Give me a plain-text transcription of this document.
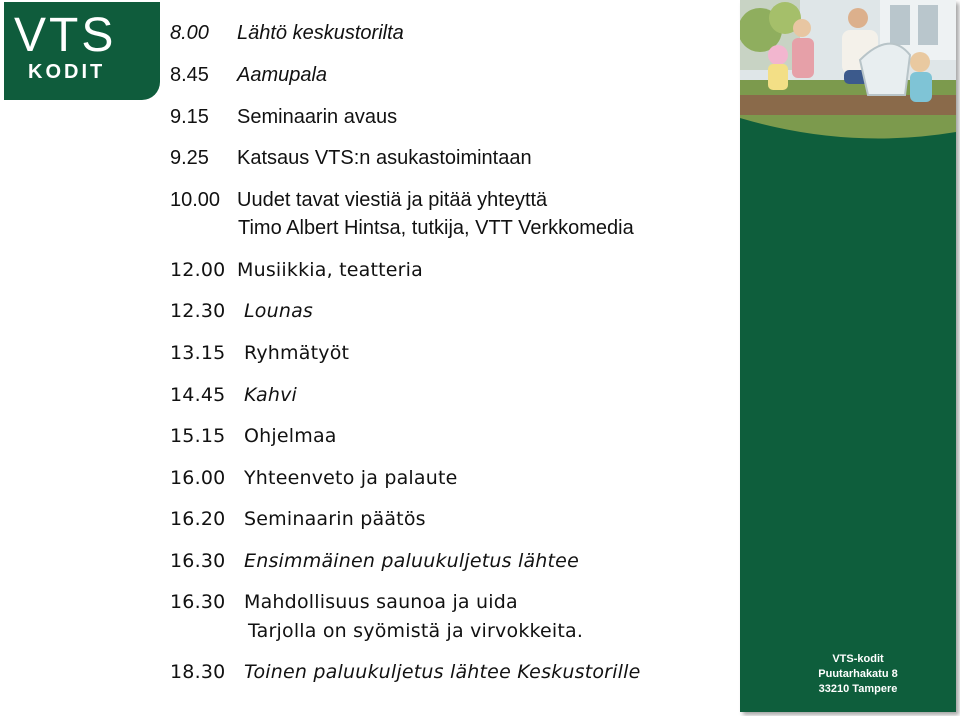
VTS
KODIT
8.00 Lähtö keskustorilta
8.45 Aamupala
9.15 Seminaarin avaus
9.25 Katsaus VTS:n asukastoimintaan
10.00 Uudet tavat viestiä ja pitää yhteyttä
Timo Albert Hintsa, tutkija, VTT Verkkomedia
12.00 Musiikkia, teatteria
12.30 Lounas
13.15 Ryhmätyöt
14.45 Kahvi
15.15 Ohjelmaa
16.00 Yhteenveto ja palaute
16.20 Seminaarin päätös
16.30 Ensimmäinen paluukuljetus lähtee
16.30 Mahdollisuus saunoa ja uida
Tarjolla on syömistä ja virvokkeita.
18.30 Toinen paluukuljetus lähtee Keskustorille
VTS-kodit
Puutarhakatu 8
33210 Tampere
